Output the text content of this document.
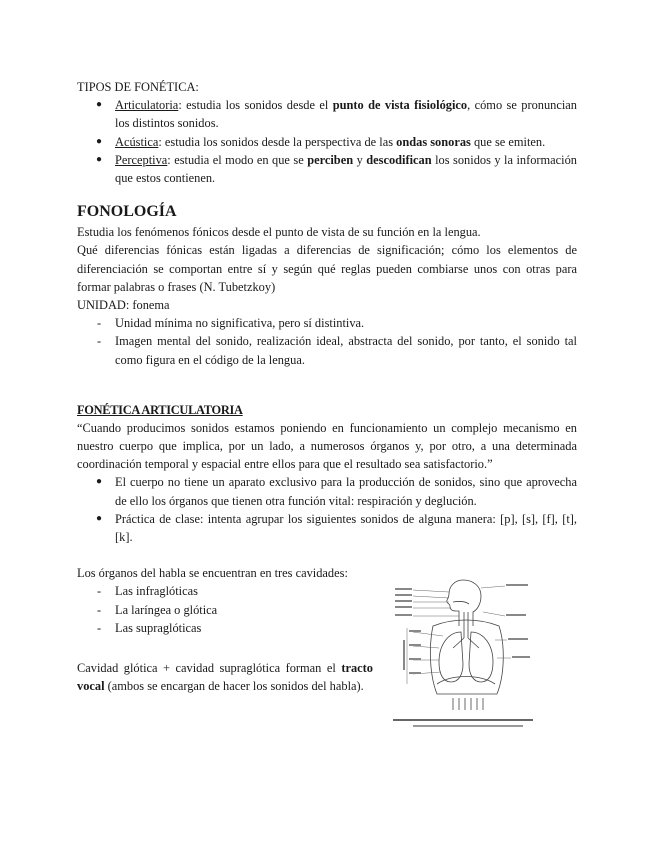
TIPOS DE FONÉTICA:

● Articulatoria: estudia los sonidos desde el punto de vista fisiológico, cómo se pronuncian los distintos sonidos.
● Acústica: estudia los sonidos desde la perspectiva de las ondas sonoras que se emiten.
● Perceptiva: estudia el modo en que se perciben y descodifican los sonidos y la información que estos contienen.
FONOLOGÍA

Estudia los fenómenos fónicos desde el punto de vista de su función en la lengua.

Qué diferencias fónicas están ligadas a diferencias de significación; cómo los elementos de diferenciación se comportan entre sí y según qué reglas pueden combiarse unos con otras para formar palabras o frases (N. Tubetzkoy)

UNIDAD: fonema

- Unidad mínima no significativa, pero sí distintiva.
- Imagen mental del sonido, realización ideal, abstracta del sonido, por tanto, el sonido tal como figura en el código de la lengua.
FONÉTICA ARTICULATORIA

“Cuando producimos sonidos estamos poniendo en funcionamiento un complejo mecanismo en nuestro cuerpo que implica, por un lado, a numerosos órganos y, por otro, a una determinada coordinación temporal y espacial entre ellos para que el resultado sea satisfactorio.”

● El cuerpo no tiene un aparato exclusivo para la producción de sonidos, sino que aprovecha de ello los órganos que tienen otra función vital: respiración y deglución.
● Práctica de clase: intenta agrupar los siguientes sonidos de alguna manera: [p], [s], [f], [t], [k].

Los órganos del habla se encuentran en tres cavidades:

- Las infraglóticas
- La laríngea o glótica
- Las supraglóticas

Cavidad glótica + cavidad supraglótica forman el tracto vocal (ambos se encargan de hacer los sonidos del habla).
